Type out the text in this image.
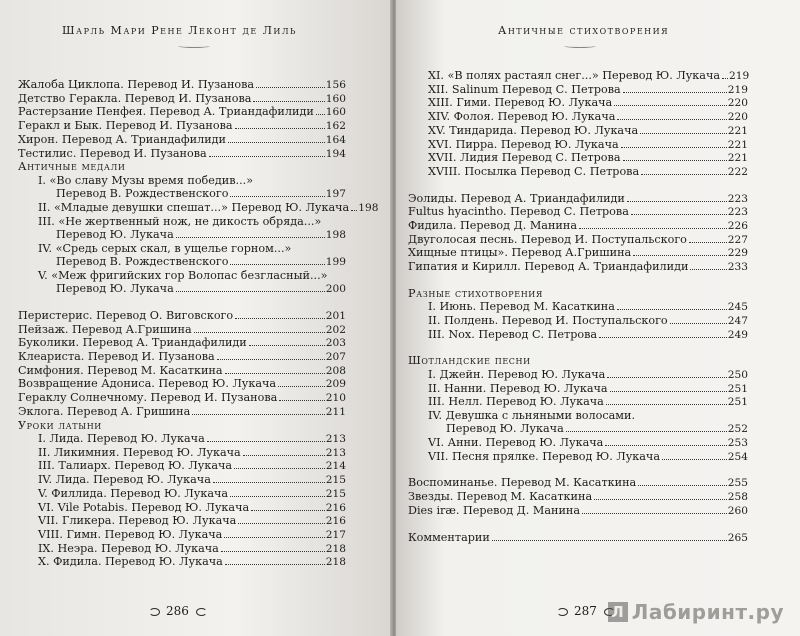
Шарль Мари Рене Леконт де Лиль
Жалоба Циклопа. Перевод И. Пузанова	156
Детство Геракла. Перевод И. Пузанова	160
Растерзание Пенфея. Перевод А. Триандафилиди 160
Геракл и Бык. Перевод И. Пузанова	162
Хирон. Перевод А. Триандафилиди	164
Тестилис. Перевод И. Пузанова	194
Античные медали
I. «Во славу Музы время победив...»
Перевод В. Рождественского	197
II. «Младые девушки спешат...» Перевод Ю. Лукача 198
III. «Не жертвенный нож, не дикость обряда...»
Перевод Ю. Лукача	198
IV. «Средь серых скал, в ущелье горном...»
Перевод В. Рождественского	199
V. «Меж фригийских гор Волопас безгласный...»
Перевод Ю. Лукача	200
Перистерис. Перевод О. Виговского	201
Пейзаж. Перевод А.Гришина	202
Буколики. Перевод А. Триандафилиди	203
Клеариста. Перевод И. Пузанова	207
Симфония. Перевод М. Касаткина	208
Возвращение Адониса. Перевод Ю. Лукача	209
Гераклу Солнечному. Перевод И. Пузанова	210
Эклога. Перевод А. Гришина	211
Уроки латыни
I. Лида. Перевод Ю. Лукача	213
II. Ликимния. Перевод Ю. Лукача	213
III. Талиарх. Перевод Ю. Лукача	214
IV. Лида. Перевод Ю. Лукача	215
V. Филлида. Перевод Ю. Лукача	215
VI. Vile Potabis. Перевод Ю. Лукача	216
VII. Гликера. Перевод Ю. Лукача	216
VIII. Гимн. Перевод Ю. Лукача	217
IX. Неэра. Перевод Ю. Лукача	218
X. Фидила. Перевод Ю. Лукача	218
286
Античные стихотворения
XI. «В полях растаял снег...» Перевод Ю. Лукача 219
XII. Salinum Перевод С. Петрова	219
XIII. Гими. Перевод Ю. Лукача	220
XIV. Фолоя. Перевод Ю. Лукача	220
XV. Тиндарида. Перевод Ю. Лукача	221
XVI. Пирра. Перевод Ю. Лукача	221
XVII. Лидия Перевод С. Петрова	221
XVIII. Посылка Перевод С. Петрова	222
Эолиды. Перевод А. Триандафилиди	223
Fultus hyacintho. Перевод С. Петрова	223
Фидила. Перевод Д. Манина	226
Двуголосая песнь. Перевод И. Поступальского	227
Хищные птицы». Перевод А.Гришина	229
Гипатия и Кирилл. Перевод А. Триандафилиди	233
Разные стихотворения
I. Июнь. Перевод М. Касаткина	245
II. Полдень. Перевод И. Поступальского	247
III. Nox. Перевод С. Петрова	249
Шотландские песни
I. Джейн. Перевод Ю. Лукача	250
II. Нанни. Перевод Ю. Лукача	251
III. Нелл. Перевод Ю. Лукача	251
IV. Девушка с льняными волосами.
Перевод Ю. Лукача	252
VI. Анни. Перевод Ю. Лукача	253
VII. Песня прялке. Перевод Ю. Лукача	254
Воспоминанье. Перевод М. Касаткина	255
Звезды. Перевод М. Касаткина	258
Dies iræ. Перевод Д. Манина	260
Комментарии	265
287 Л Лабиринт.ру
